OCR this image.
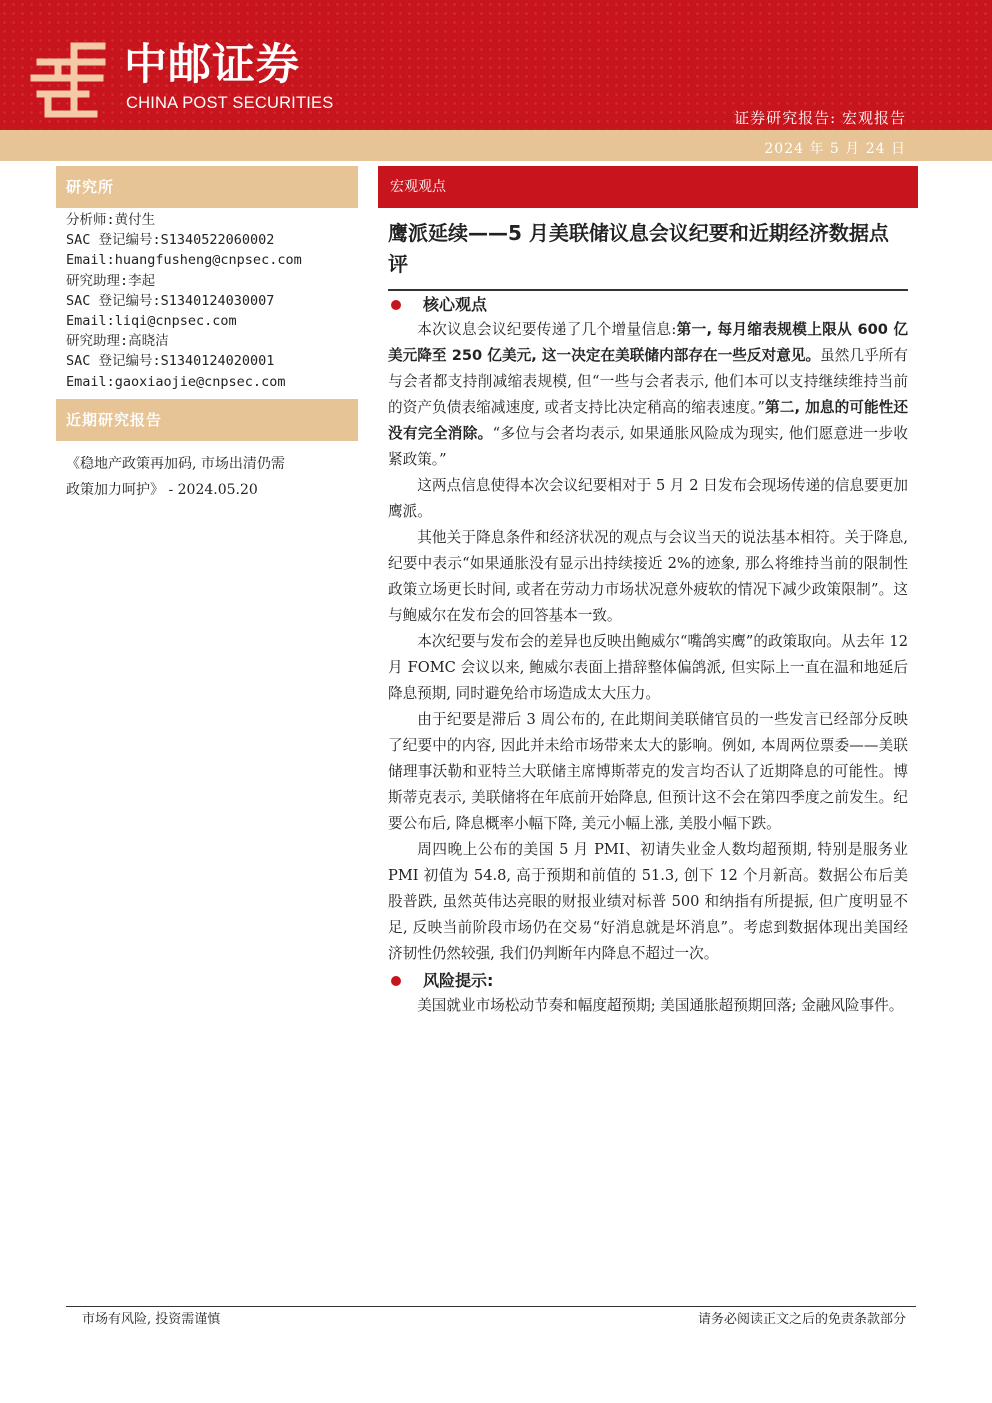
中邮证券
CHINA POST SECURITIES
证券研究报告: 宏观报告
2024 年 5 月 24 日
研究所
分析师:黄付生
SAC 登记编号:S1340522060002
Email:huangfusheng@cnpsec.com
研究助理:李起
SAC 登记编号:S1340124030007
Email:liqi@cnpsec.com
研究助理:高晓洁
SAC 登记编号:S1340124020001
Email:gaoxiaojie@cnpsec.com
近期研究报告
《稳地产政策再加码, 市场出清仍需
政策加力呵护》 - 2024.05.20
宏观观点
鹰派延续——5 月美联储议息会议纪要和近期经济数据点评
核心观点

本次议息会议纪要传递了几个增量信息:第一, 每月缩表规模上限从 600 亿美元降至 250 亿美元, 这一决定在美联储内部存在一些反对意见。虽然几乎所有与会者都支持削减缩表规模, 但“一些与会者表示, 他们本可以支持继续维持当前的资产负债表缩减速度, 或者支持比决定稍高的缩表速度。”第二, 加息的可能性还没有完全消除。“多位与会者均表示, 如果通胀风险成为现实, 他们愿意进一步收紧政策。”

这两点信息使得本次会议纪要相对于 5 月 2 日发布会现场传递的信息要更加鹰派。

其他关于降息条件和经济状况的观点与会议当天的说法基本相符。关于降息, 纪要中表示“如果通胀没有显示出持续接近 2%的迹象, 那么将维持当前的限制性政策立场更长时间, 或者在劳动力市场状况意外疲软的情况下减少政策限制”。这与鲍威尔在发布会的回答基本一致。

本次纪要与发布会的差异也反映出鲍威尔“嘴鸽实鹰”的政策取向。从去年 12 月 FOMC 会议以来, 鲍威尔表面上措辞整体偏鸽派, 但实际上一直在温和地延后降息预期, 同时避免给市场造成太大压力。

由于纪要是滞后 3 周公布的, 在此期间美联储官员的一些发言已经部分反映了纪要中的内容, 因此并未给市场带来太大的影响。例如, 本周两位票委——美联储理事沃勒和亚特兰大联储主席博斯蒂克的发言均否认了近期降息的可能性。博斯蒂克表示, 美联储将在年底前开始降息, 但预计这不会在第四季度之前发生。纪要公布后, 降息概率小幅下降, 美元小幅上涨, 美股小幅下跌。

周四晚上公布的美国 5 月 PMI、初请失业金人数均超预期, 特别是服务业 PMI 初值为 54.8, 高于预期和前值的 51.3, 创下 12 个月新高。数据公布后美股普跌, 虽然英伟达亮眼的财报业绩对标普 500 和纳指有所提振, 但广度明显不足, 反映当前阶段市场仍在交易“好消息就是坏消息”。考虑到数据体现出美国经济韧性仍然较强, 我们仍判断年内降息不超过一次。

风险提示:

美国就业市场松动节奏和幅度超预期; 美国通胀超预期回落; 金融风险事件。

市场有风险, 投资需谨慎	请务必阅读正文之后的免责条款部分
